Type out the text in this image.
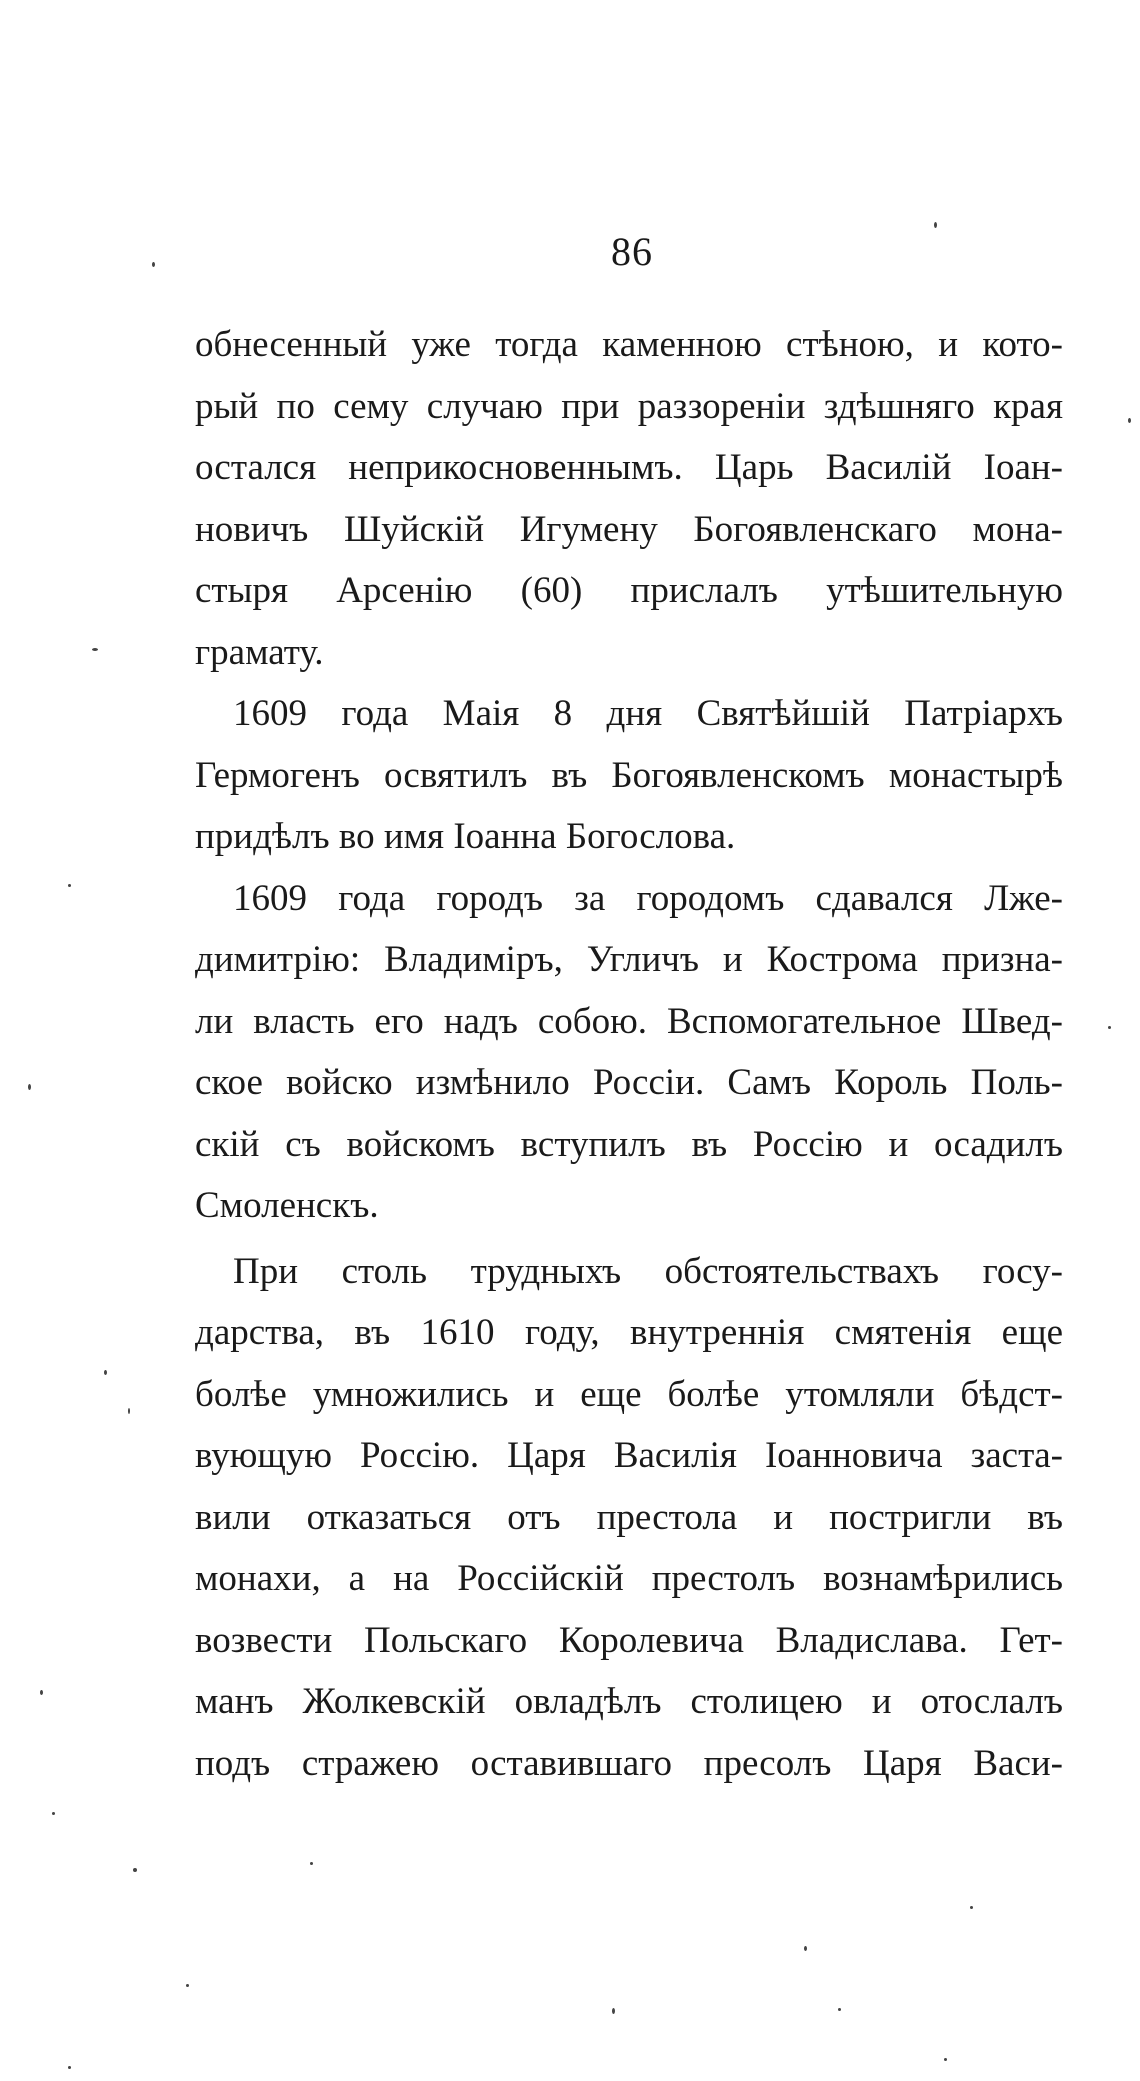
86
обнесенный уже тогда каменною стѣною, и кото-
рый по сему случаю при раззореніи здѣшняго края
остался неприкосновеннымъ. Царь Василій Іоан-
новичъ Шуйскій Игумену Богоявленскаго мона-
стыря Арсенію (60) прислалъ утѣшительную
грамату.
1609 года Маія 8 дня Святѣйшій Патріархъ
Гермогенъ освятилъ въ Богоявленскомъ монастырѣ
придѣлъ во имя Іоанна Богослова.
1609 года городъ за городомъ сдавался Лже-
димитрію: Владимiръ, Угличъ и Кострома призна-
ли власть его надъ собою. Вспомогательное Швед-
ское войско измѣнило Россіи. Самъ Король Поль-
скій съ войскомъ вступилъ въ Россію и осадилъ
Смоленскъ.
При столь трудныхъ обстоятельствахъ госу-
дарства, въ 1610 году, внутреннія смятенія еще
болѣе умножились и еще болѣе утомляли бѣдст-
вующую Россію. Царя Василія Іоанновича застa-
вили отказаться отъ престола и постригли въ
монахи, а на Россійскій престолъ вознамѣрились
возвести Польскаго Королевича Владислава. Гет-
манъ Жолкевскій овладѣлъ столицею и отослалъ
подъ стражею оставившаго пресолъ Царя Васи-
